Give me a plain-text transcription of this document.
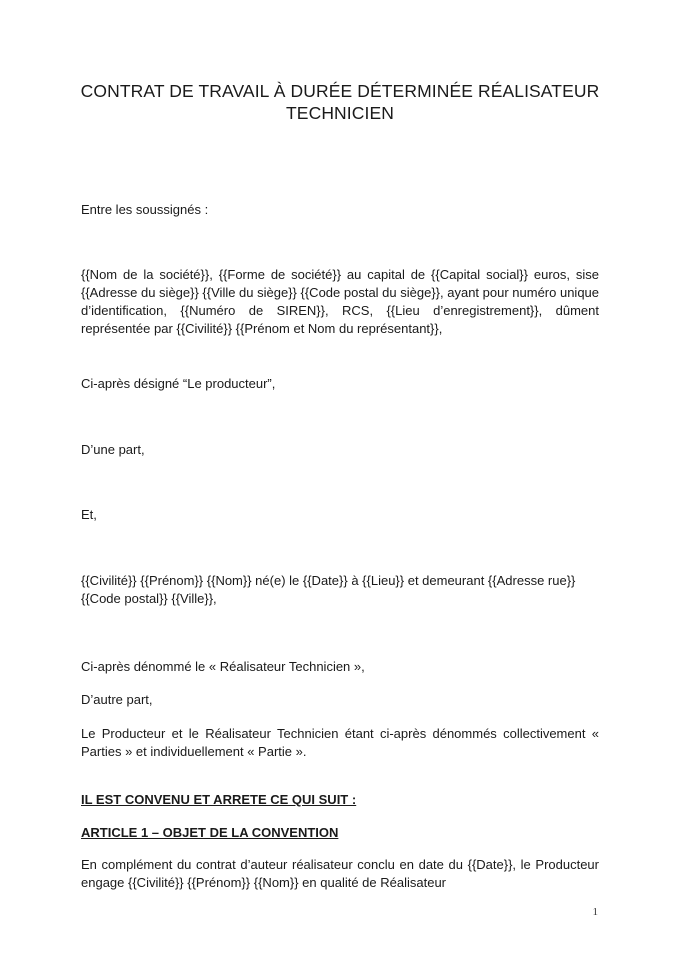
CONTRAT DE TRAVAIL À DURÉE DÉTERMINÉE RÉALISATEUR TECHNICIEN

Entre les soussignés :

{{Nom de la société}}, {{Forme de société}} au capital de {{Capital social}} euros, sise {{Adresse du siège}} {{Ville du siège}} {{Code postal du siège}}, ayant pour numéro unique d’identification, {{Numéro de SIREN}}, RCS, {{Lieu d’enregistrement}}, dûment représentée par {{Civilité}} {{Prénom et Nom du représentant}},

Ci-après désigné “Le producteur”,

D’une part,

Et,

{{Civilité}} {{Prénom}} {{Nom}} né(e) le {{Date}} à {{Lieu}} et demeurant {{Adresse rue}} {{Code postal}} {{Ville}},

Ci-après dénommé le « Réalisateur Technicien »,

D’autre part,

Le Producteur et le Réalisateur Technicien étant ci-après dénommés collectivement « Parties » et individuellement « Partie ».

IL EST CONVENU ET ARRETE CE QUI SUIT :
ARTICLE 1 – OBJET DE LA CONVENTION

En complément du contrat d’auteur réalisateur conclu en date du {{Date}}, le Producteur engage {{Civilité}} {{Prénom}} {{Nom}} en qualité de Réalisateur

1
